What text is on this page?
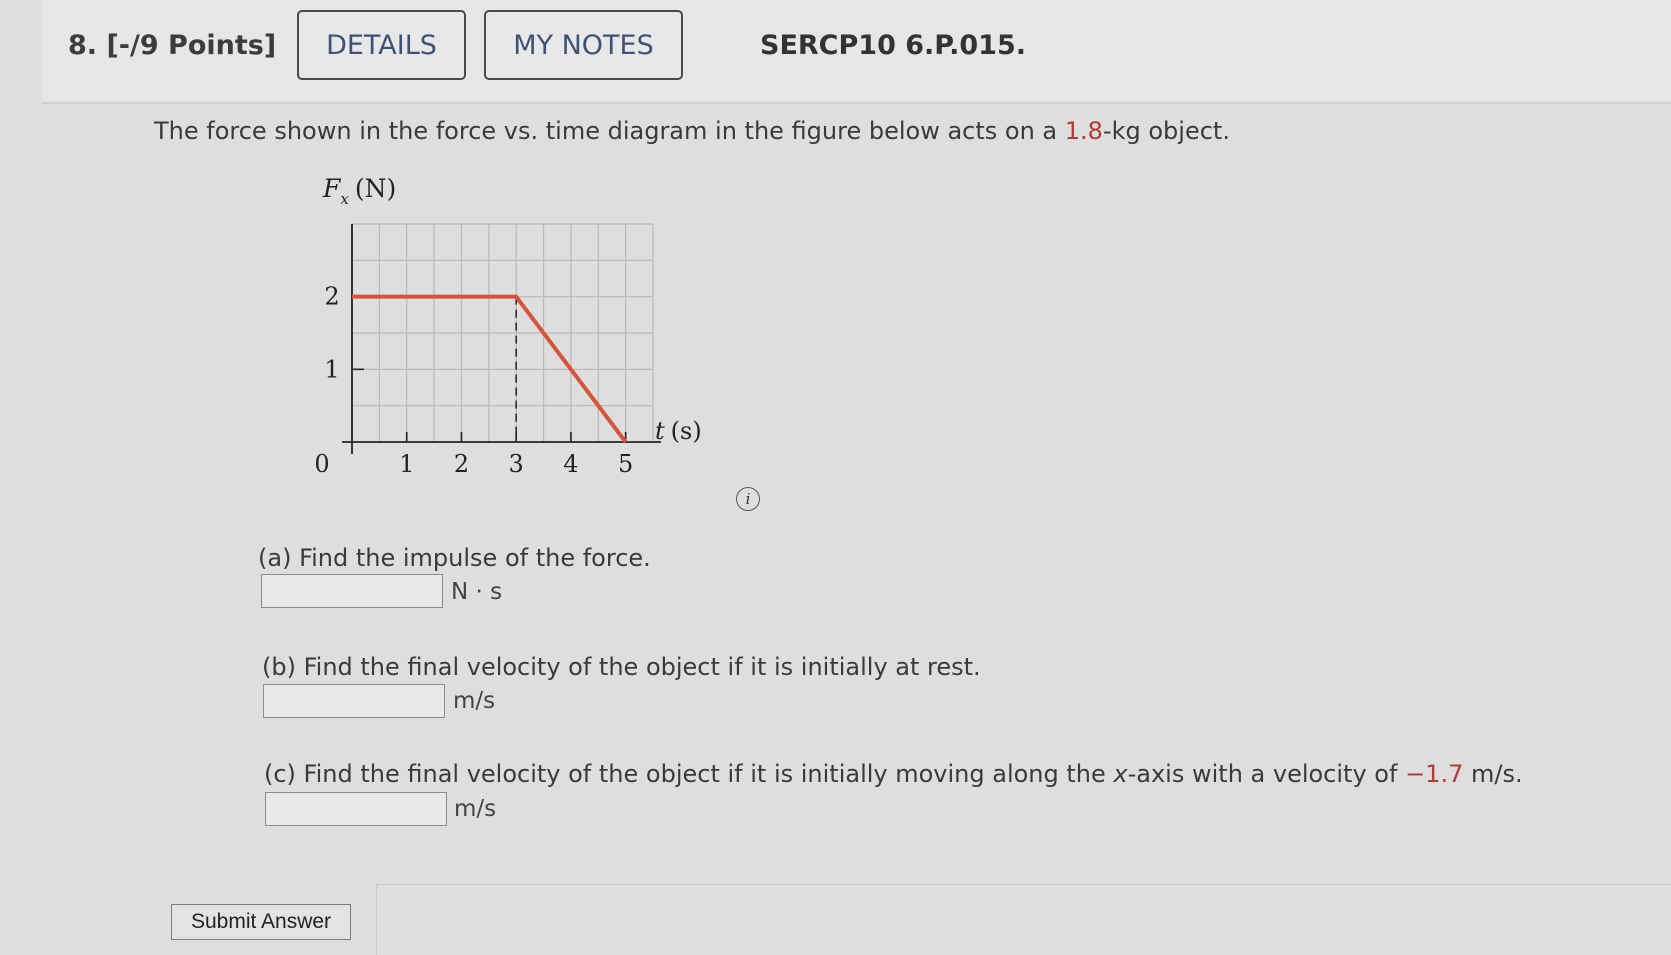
8. [-/9 Points]	DETAILS	MY NOTES	SERCP10 6.P.015.
The force shown in the force vs. time diagram in the figure below acts on a 1.8-kg object.
0	1 2 3 4 5
1
2
$F_x$ (N)
t (s)
i
(a) Find the impulse of the force.
N · s
(b) Find the final velocity of the object if it is initially at rest.
m/s
(c) Find the final velocity of the object if it is initially moving along the x-axis with a velocity of −1.7 m/s.
m/s
Submit Answer
